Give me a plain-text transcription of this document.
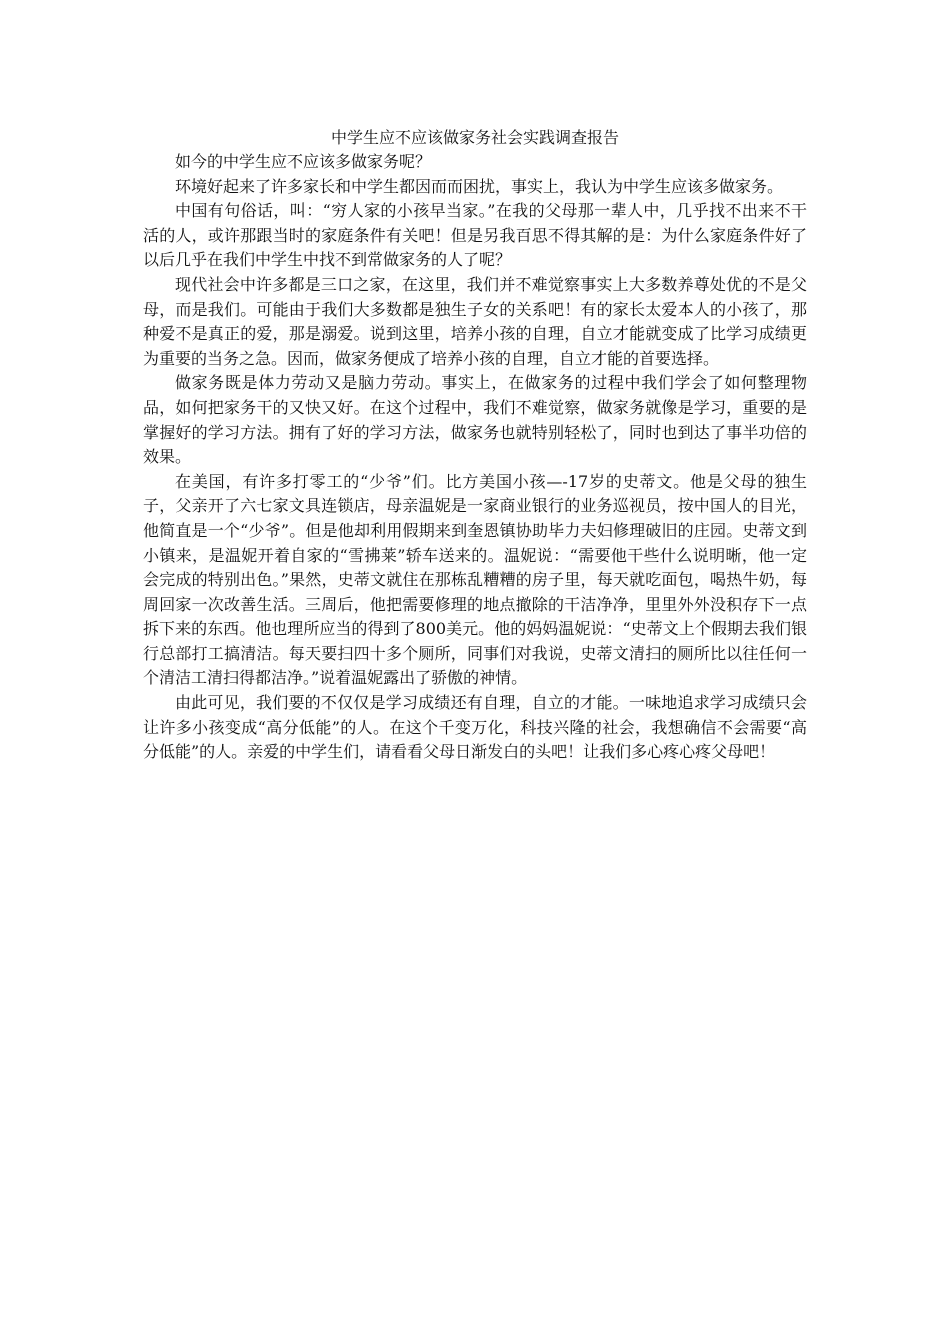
中学生应不应该做家务社会实践调查报告

如今的中学生应不应该多做家务呢？

环境好起来了许多家长和中学生都因而而困扰，事实上，我认为中学生应该多做家务。

中国有句俗话，叫：“穷人家的小孩早当家。”在我的父母那一辈人中，几乎找不出来不干活的人，或许那跟当时的家庭条件有关吧！但是另我百思不得其解的是：为什么家庭条件好了以后几乎在我们中学生中找不到常做家务的人了呢？

现代社会中许多都是三口之家，在这里，我们并不难觉察事实上大多数养尊处优的不是父母，而是我们。可能由于我们大多数都是独生子女的关系吧！有的家长太爱本人的小孩了，那种爱不是真正的爱，那是溺爱。说到这里，培养小孩的自理，自立才能就变成了比学习成绩更为重要的当务之急。因而，做家务便成了培养小孩的自理，自立才能的首要选择。

做家务既是体力劳动又是脑力劳动。事实上，在做家务的过程中我们学会了如何整理物品，如何把家务干的又快又好。在这个过程中，我们不难觉察，做家务就像是学习，重要的是掌握好的学习方法。拥有了好的学习方法，做家务也就特别轻松了，同时也到达了事半功倍的效果。

在美国，有许多打零工的“少爷”们。比方美国小孩—-17岁的史蒂文。他是父母的独生子，父亲开了六七家文具连锁店，母亲温妮是一家商业银行的业务巡视员，按中国人的目光，他简直是一个“少爷”。但是他却利用假期来到奎恩镇协助毕力夫妇修理破旧的庄园。史蒂文到小镇来，是温妮开着自家的“雪拂莱”轿车送来的。温妮说：“需要他干些什么说明晰，他一定会完成的特别出色。”果然，史蒂文就住在那栋乱糟糟的房子里，每天就吃面包，喝热牛奶，每周回家一次改善生活。三周后，他把需要修理的地点撤除的干洁净净，里里外外没积存下一点拆下来的东西。他也理所应当的得到了800美元。他的妈妈温妮说：“史蒂文上个假期去我们银行总部打工搞清洁。每天要扫四十多个厕所，同事们对我说，史蒂文清扫的厕所比以往任何一个清洁工清扫得都洁净。”说着温妮露出了骄傲的神情。

由此可见，我们要的不仅仅是学习成绩还有自理，自立的才能。一味地追求学习成绩只会让许多小孩变成“高分低能”的人。在这个千变万化，科技兴隆的社会，我想确信不会需要“高分低能”的人。亲爱的中学生们，请看看父母日渐发白的头吧！让我们多心疼心疼父母吧！
